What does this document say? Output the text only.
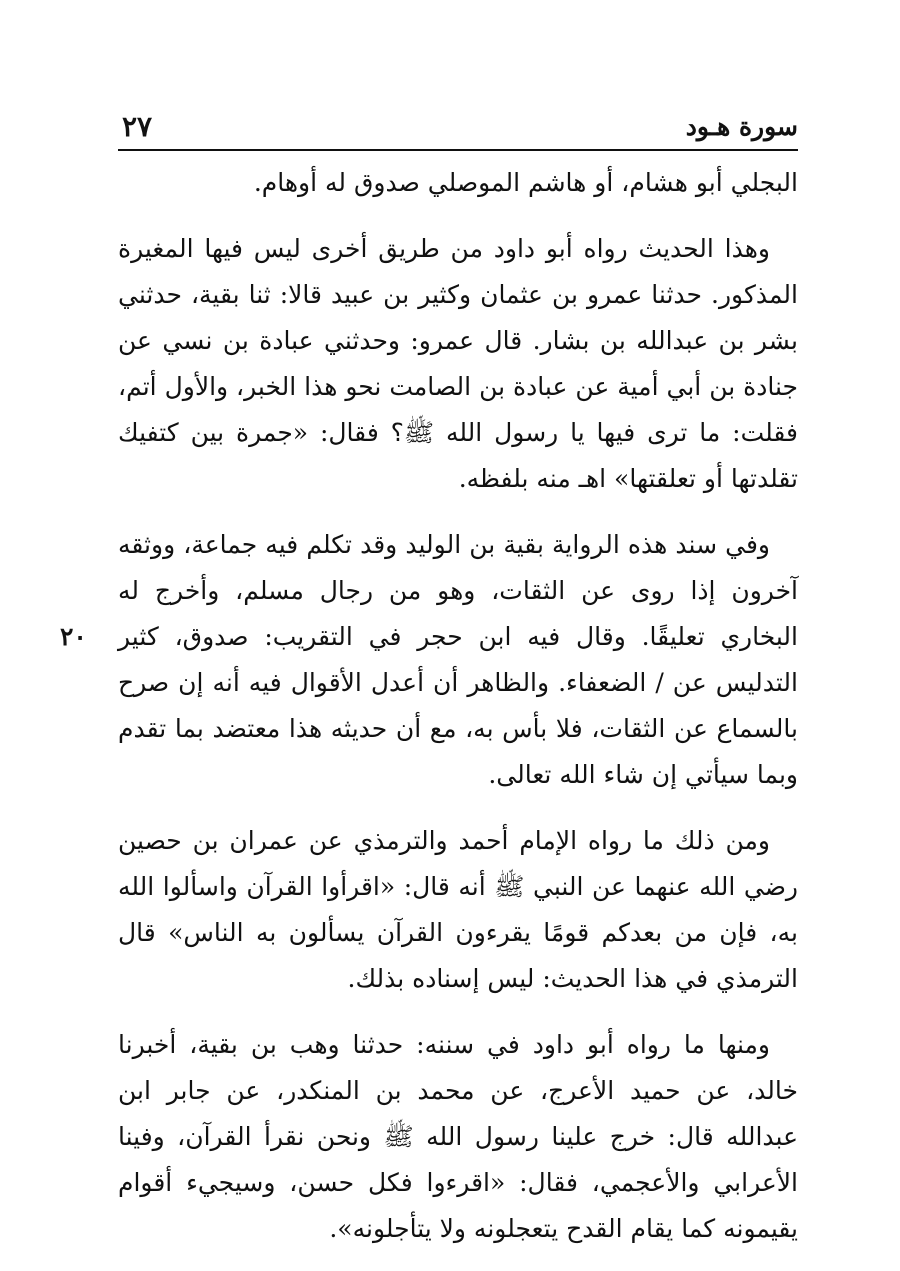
سورة هـود
٢٧
٢٠

البجلي أبو هشام، أو هاشم الموصلي صدوق له أوهام.

وهذا الحديث رواه أبو داود من طريق أخرى ليس فيها المغيرة المذكور. حدثنا عمرو بن عثمان وكثير بن عبيد قالا: ثنا بقية، حدثني بشر بن عبدالله بن بشار. قال عمرو: وحدثني عبادة بن نسي عن جنادة بن أبي أمية عن عبادة بن الصامت نحو هذا الخبر، والأول أتم، فقلت: ما ترى فيها يا رسول الله ﷺ؟ فقال: «جمرة بين كتفيك تقلدتها أو تعلقتها» اهـ منه بلفظه.

وفي سند هذه الرواية بقية بن الوليد وقد تكلم فيه جماعة، ووثقه آخرون إذا روى عن الثقات، وهو من رجال مسلم، وأخرج له البخاري تعليقًا. وقال فيه ابن حجر في التقريب: صدوق، كثير التدليس عن / الضعفاء. والظاهر أن أعدل الأقوال فيه أنه إن صرح بالسماع عن الثقات، فلا بأس به، مع أن حديثه هذا معتضد بما تقدم وبما سيأتي إن شاء الله تعالى.

ومن ذلك ما رواه الإمام أحمد والترمذي عن عمران بن حصين رضي الله عنهما عن النبي ﷺ أنه قال: «اقرأوا القرآن واسألوا الله به، فإن من بعدكم قومًا يقرءون القرآن يسألون به الناس» قال الترمذي في هذا الحديث: ليس إسناده بذلك.

ومنها ما رواه أبو داود في سننه: حدثنا وهب بن بقية، أخبرنا خالد، عن حميد الأعرج، عن محمد بن المنكدر، عن جابر ابن عبدالله قال: خرج علينا رسول الله ﷺ ونحن نقرأ القرآن، وفينا الأعرابي والأعجمي، فقال: «اقرءوا فكل حسن، وسيجيء أقوام يقيمونه كما يقام القدح يتعجلونه ولا يتأجلونه».
